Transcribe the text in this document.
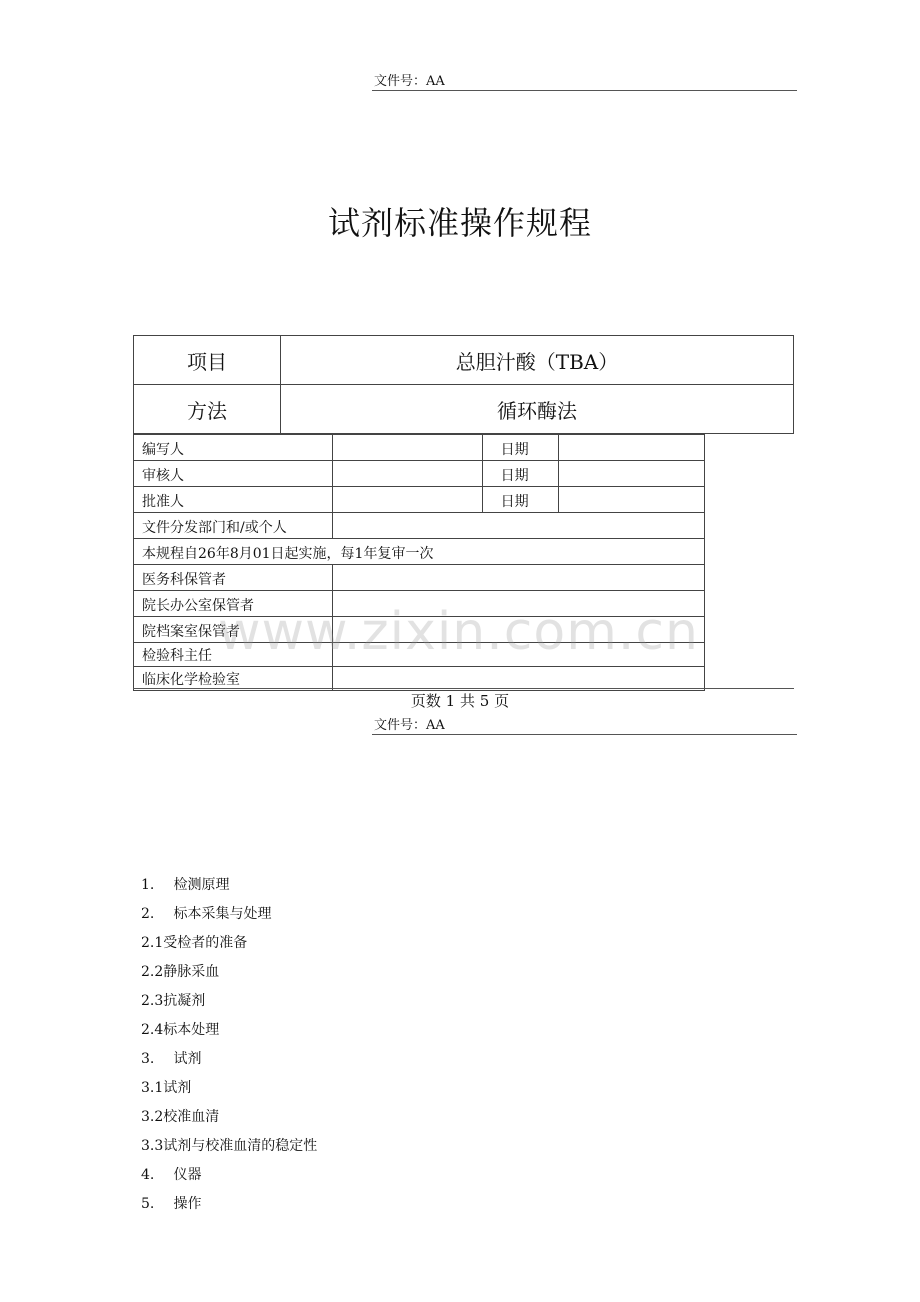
文件号：AA
试剂标准操作规程
项目	总胆汁酸（TBA）
方法	循环酶法
编写人		日期	
审核人		日期	
批准人		日期	
文件分发部门和/或个人			
本规程自26年8月01日起实施，每1年复审一次			
医务科保管者			
院长办公室保管者			
院档案室保管者			
检验科主任			
临床化学检验室			
www.zixin.com.cn
页数 1 共 5 页
文件号：AA
1. 检测原理
2. 标本采集与处理
2.1受检者的准备
2.2静脉采血
2.3抗凝剂
2.4标本处理
3. 试剂
3.1试剂
3.2校准血清
3.3试剂与校准血清的稳定性
4. 仪器
5. 操作
